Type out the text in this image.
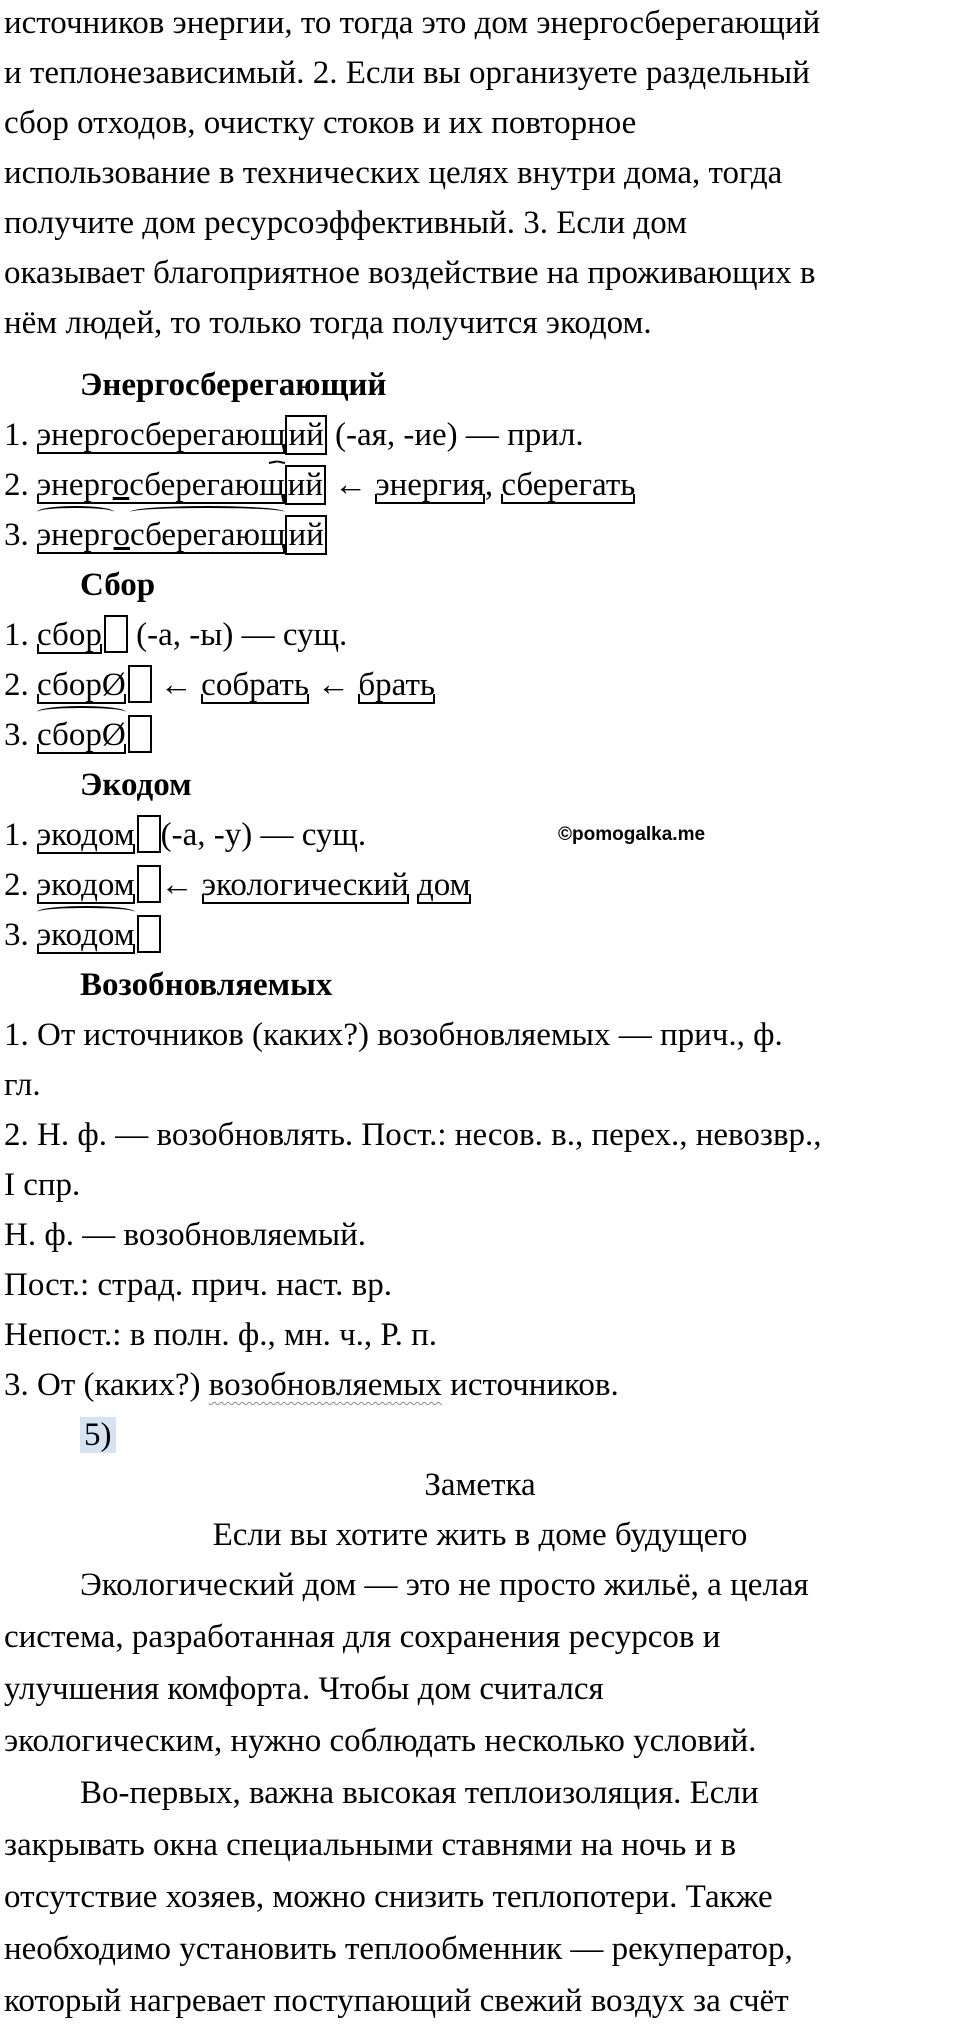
источников энергии, то тогда это дом энергосберегающий
и теплонезависимый. 2. Если вы организуете раздельный
сбор отходов, очистку стоков и их повторное
использование в технических целях внутри дома, тогда
получите дом ресурсоэффективный. 3. Если дом
оказывает благоприятное воздействие на проживающих в
нём людей, то только тогда получится экодом.
Энергосберегающий
1. энергосберегающ
ий (-ая, -ие) — прил.
2. энергосберегающ
ий ← энергия
, сберегать
3. энерг
осберегающ
ий
Сбор
1. сбор
(-а, -ы) — сущ.
2. сборØ
← собрать
← брать
3. сборØ
Экодом
1. экодом (-а, -у) — сущ.	©pomogalka.me
2. экодом ← экологический дом
3. экодом
Возобновляемых
1. От источников (каких?) возобновляемых — прич., ф.
гл.
2. Н. ф. — возобновлять. Пост.: несов. в., перех., невозвр.,
I спр.
Н. ф. — возобновляемый.
Пост.: страд. прич. наст. вр.
Непост.: в полн. ф., мн. ч., Р. п.
3. От (каких?) возобновляемых источников.
5)
Заметка
Если вы хотите жить в доме будущего
Экологический дом — это не просто жильё, а целая
система, разработанная для сохранения ресурсов и
улучшения комфорта. Чтобы дом считался
экологическим, нужно соблюдать несколько условий.
Во-первых, важна высокая теплоизоляция. Если
закрывать окна специальными ставнями на ночь и в
отсутствие хозяев, можно снизить теплопотери. Также
необходимо установить теплообменник — рекуператор,
который нагревает поступающий свежий воздух за счёт
